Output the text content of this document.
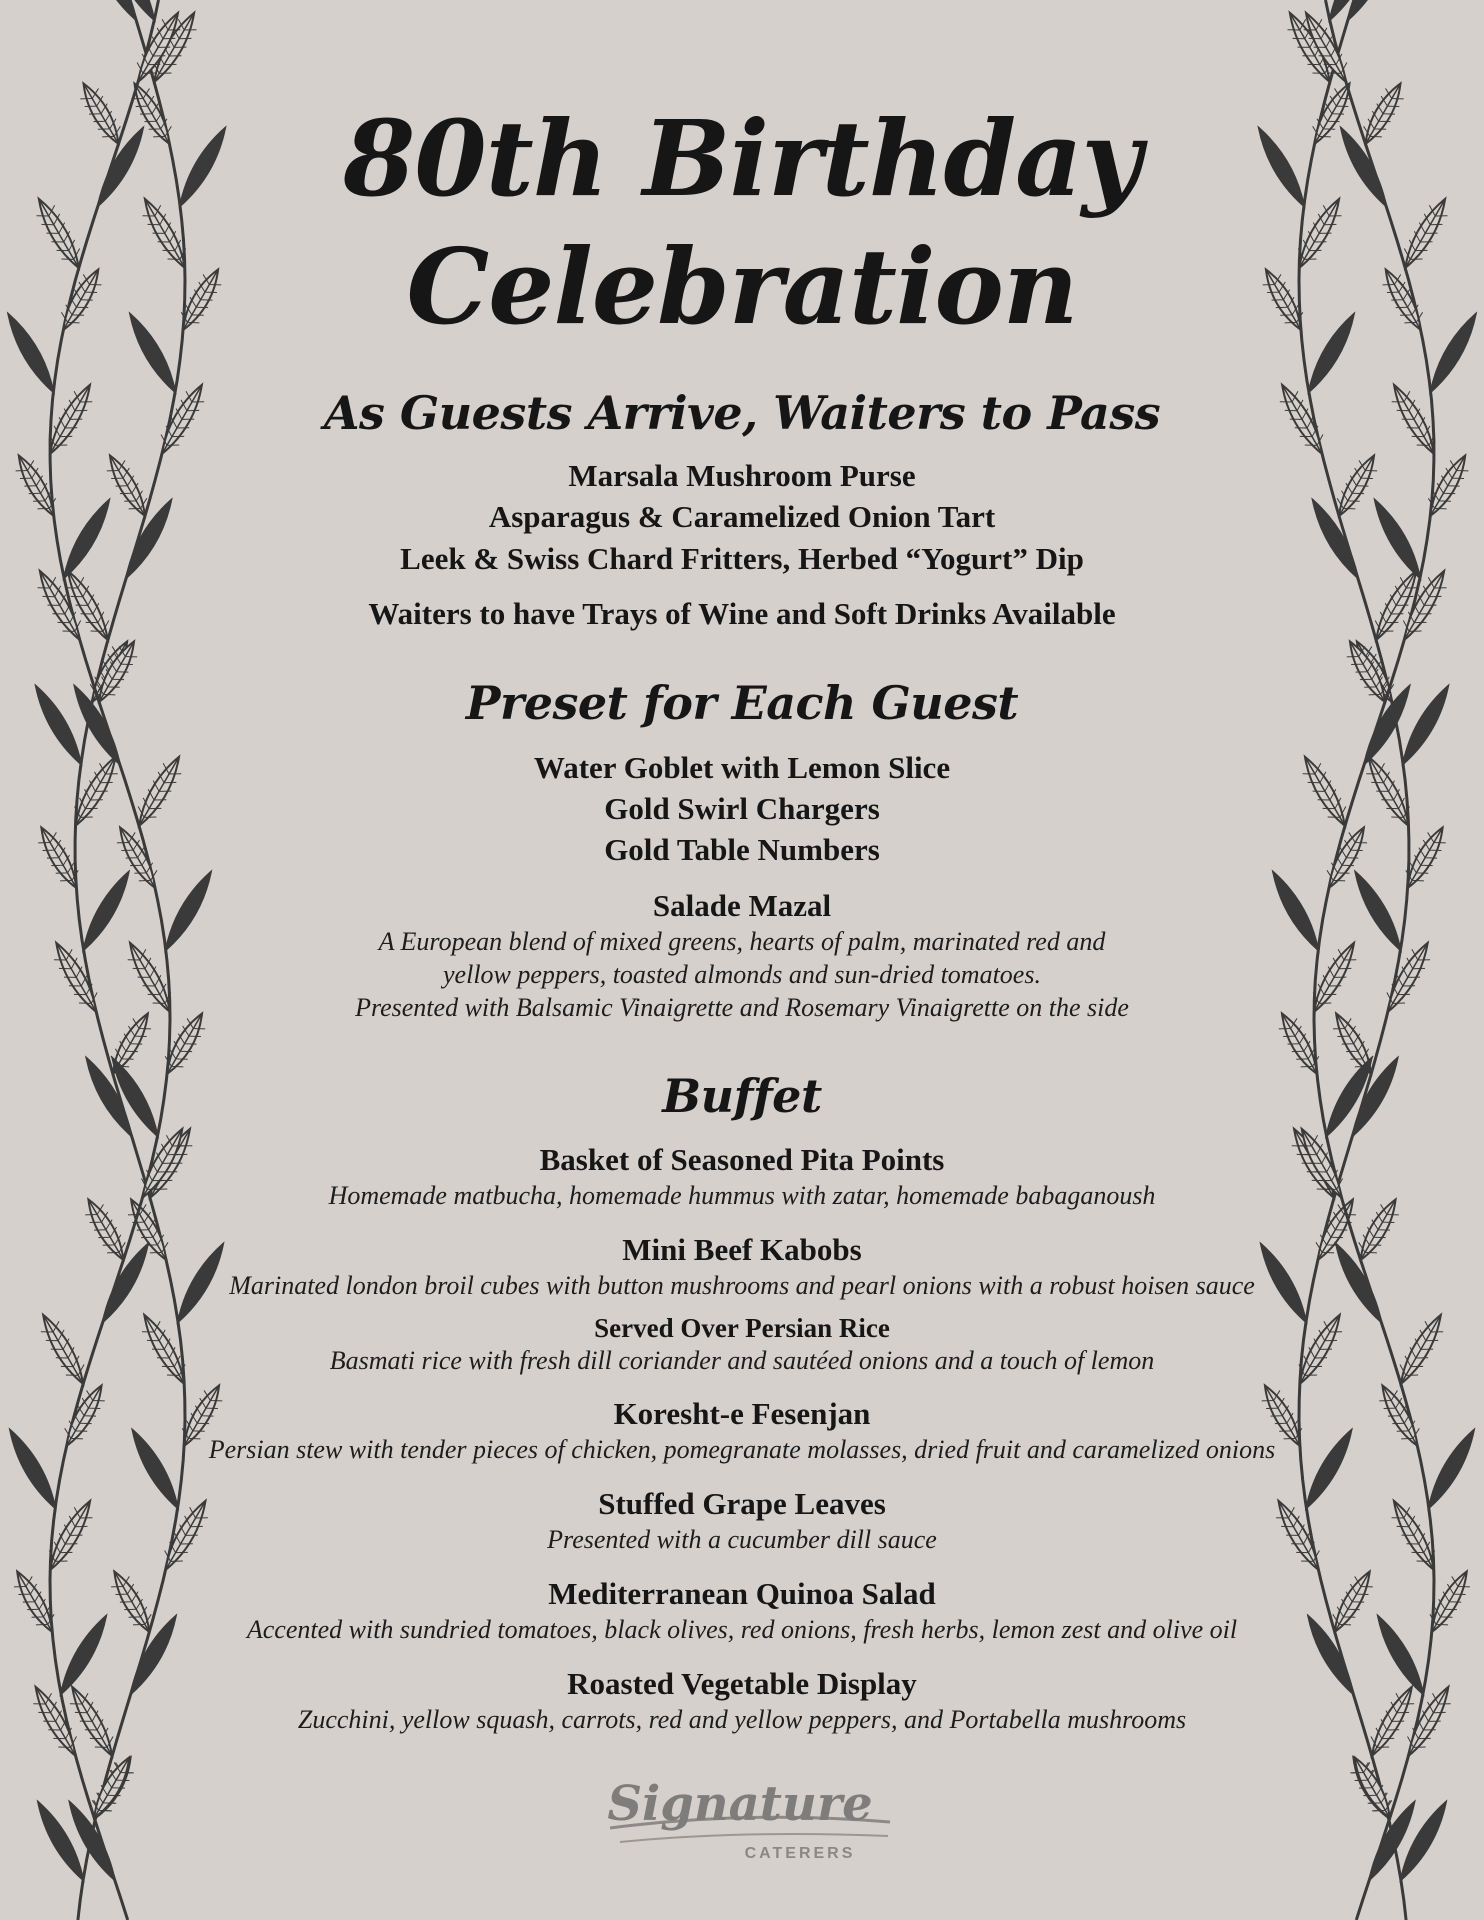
80th Birthday
Celebration
As Guests Arrive, Waiters to Pass
Marsala Mushroom Purse
Asparagus & Caramelized Onion Tart
Leek & Swiss Chard Fritters, Herbed “Yogurt” Dip
Waiters to have Trays of Wine and Soft Drinks Available
Preset for Each Guest
Water Goblet with Lemon Slice
Gold Swirl Chargers
Gold Table Numbers
Salade Mazal
A European blend of mixed greens, hearts of palm, marinated red and
yellow peppers, toasted almonds and sun-dried tomatoes.
Presented with Balsamic Vinaigrette and Rosemary Vinaigrette on the side
Buffet
Basket of Seasoned Pita Points
Homemade matbucha, homemade hummus with zatar, homemade babaganoush
Mini Beef Kabobs
Marinated london broil cubes with button mushrooms and pearl onions with a robust hoisen sauce
Served Over Persian Rice
Basmati rice with fresh dill coriander and sautéed onions and a touch of lemon
Koresht-e Fesenjan
Persian stew with tender pieces of chicken, pomegranate molasses, dried fruit and caramelized onions
Stuffed Grape Leaves
Presented with a cucumber dill sauce
Mediterranean Quinoa Salad
Accented with sundried tomatoes, black olives, red onions, fresh herbs, lemon zest and olive oil
Roasted Vegetable Display
Zucchini, yellow squash, carrots, red and yellow peppers, and Portabella mushrooms
Signature
CATERERS
